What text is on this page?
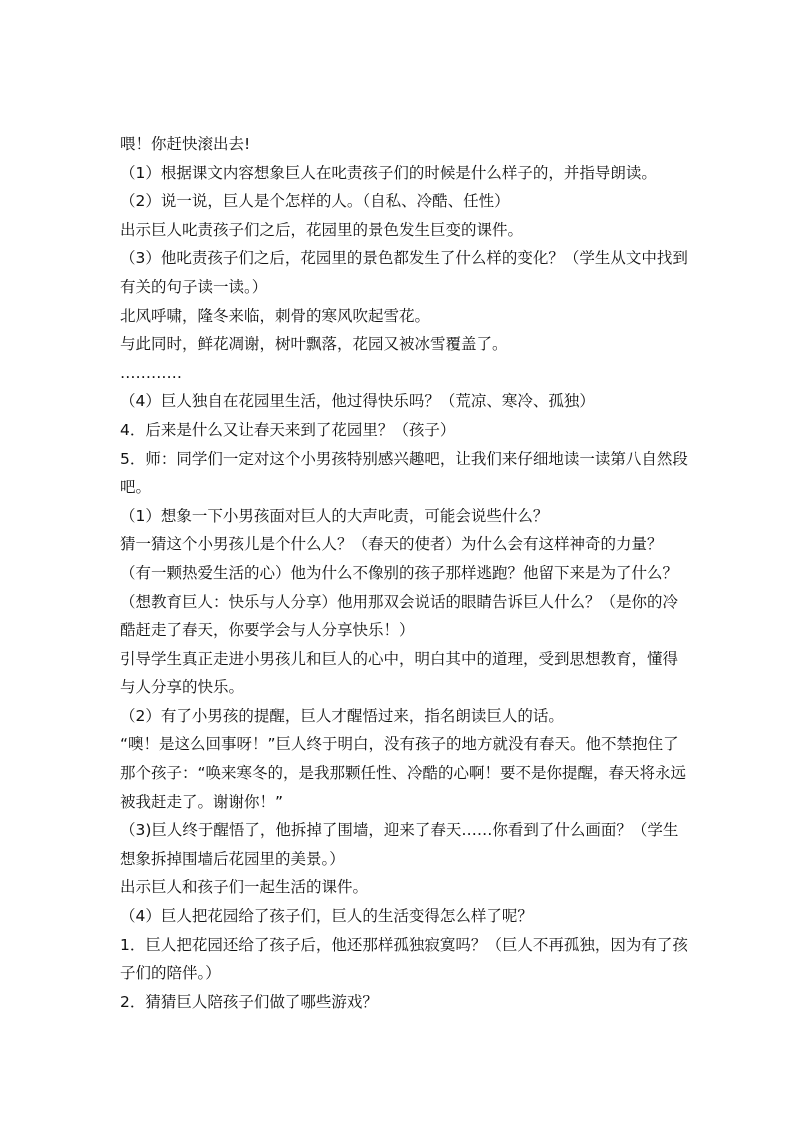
喂！你赶快滚出去!

（1）根据课文内容想象巨人在叱责孩子们的时候是什么样子的，并指导朗读。

（2）说一说，巨人是个怎样的人。（自私、冷酷、任性）

出示巨人叱责孩子们之后，花园里的景色发生巨变的课件。

（3）他叱责孩子们之后，花园里的景色都发生了什么样的变化？（学生从文中找到有关的句子读一读。）

北风呼啸，隆冬来临，刺骨的寒风吹起雪花。

与此同时，鲜花凋谢，树叶飘落，花园又被冰雪覆盖了。

…………

（4）巨人独自在花园里生活，他过得快乐吗？（荒凉、寒冷、孤独）

4．后来是什么又让春天来到了花园里？（孩子）

5．师：同学们一定对这个小男孩特别感兴趣吧，让我们来仔细地读一读第八自然段吧。

（1）想象一下小男孩面对巨人的大声叱责，可能会说些什么？

猜一猜这个小男孩儿是个什么人？（春天的使者）为什么会有这样神奇的力量？（有一颗热爱生活的心）他为什么不像别的孩子那样逃跑？他留下来是为了什么？（想教育巨人：快乐与人分享）他用那双会说话的眼睛告诉巨人什么？（是你的冷酷赶走了春天，你要学会与人分享快乐！）

引导学生真正走进小男孩儿和巨人的心中，明白其中的道理，受到思想教育，懂得与人分享的快乐。

（2）有了小男孩的提醒，巨人才醒悟过来，指名朗读巨人的话。

“噢！是这么回事呀！”巨人终于明白，没有孩子的地方就没有春天。他不禁抱住了那个孩子：“唤来寒冬的，是我那颗任性、冷酷的心啊！要不是你提醒，春天将永远被我赶走了。谢谢你！”

（3)巨人终于醒悟了，他拆掉了围墙，迎来了春天……你看到了什么画面？（学生想象拆掉围墙后花园里的美景。）

出示巨人和孩子们一起生活的课件。

（4）巨人把花园给了孩子们，巨人的生活变得怎么样了呢？

1．巨人把花园还给了孩子后，他还那样孤独寂寞吗？（巨人不再孤独，因为有了孩子们的陪伴。）

2．猜猜巨人陪孩子们做了哪些游戏？
